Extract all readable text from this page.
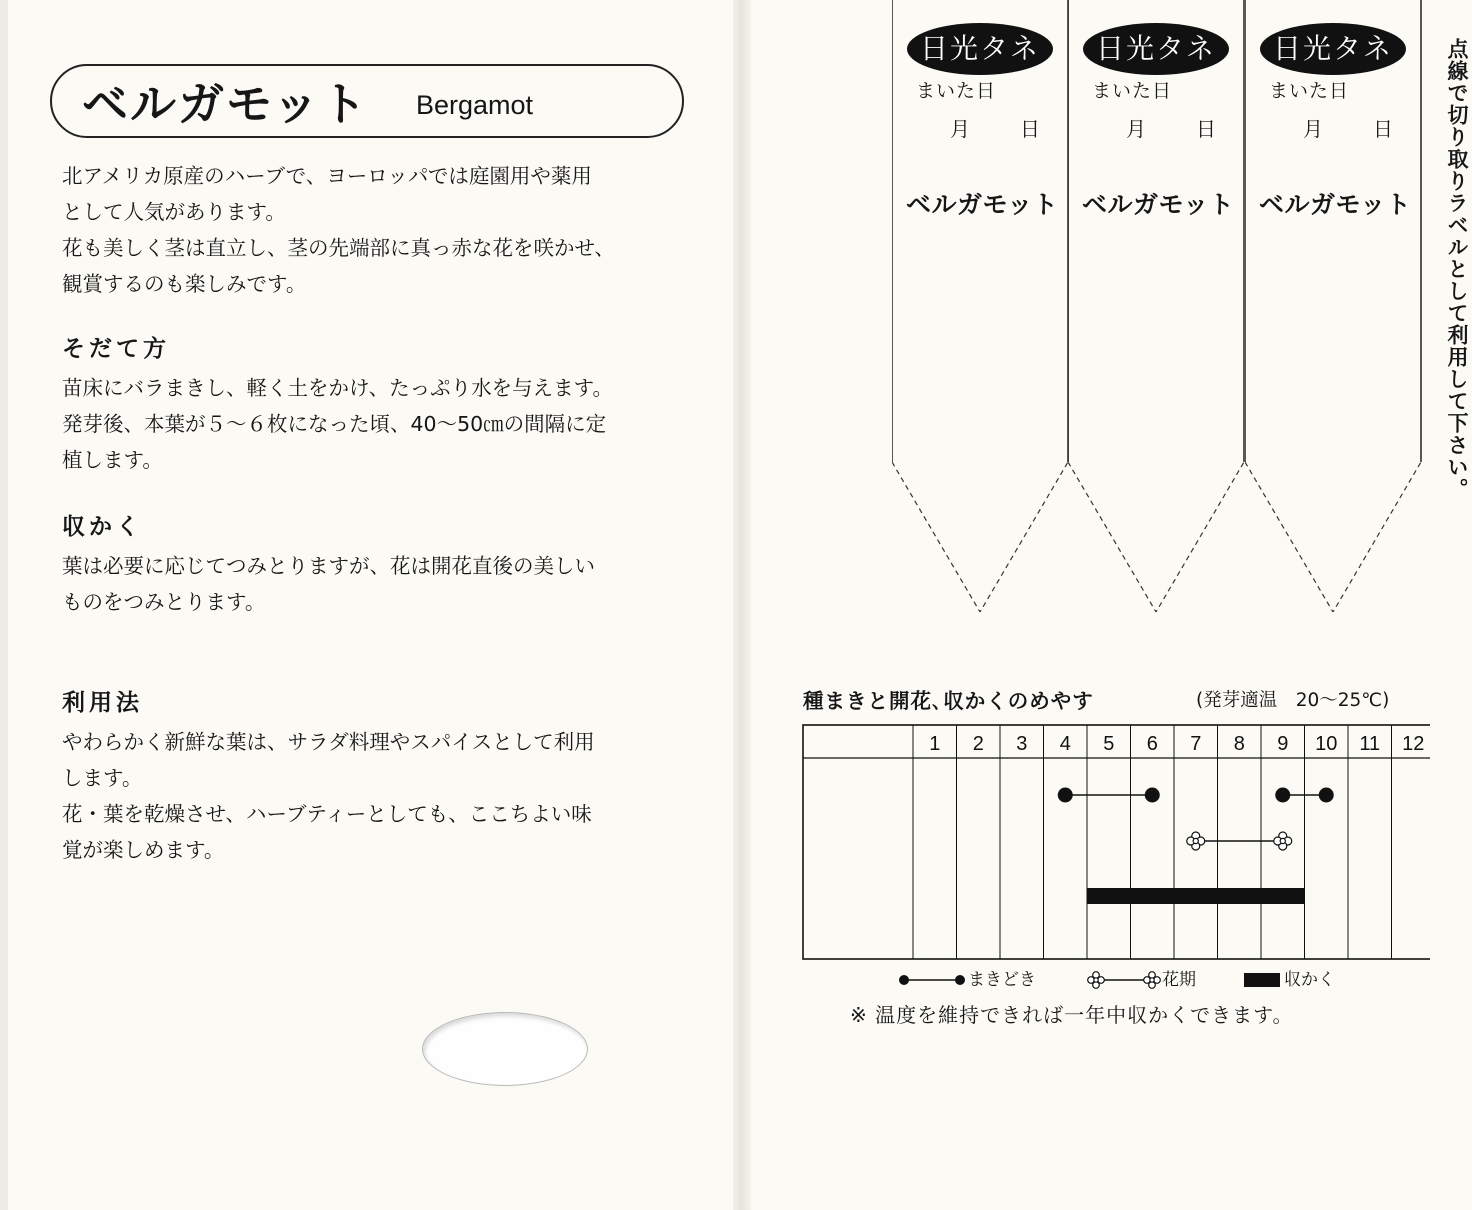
ベルガモット Bergamot

北アメリカ原産のハーブで、ヨーロッパでは庭園用や薬用

として人気があります。

花も美しく茎は直立し、茎の先端部に真っ赤な花を咲かせ、

観賞するのも楽しみです。

そだて方

苗床にバラまきし、軽く土をかけ、たっぷり水を与えます。

発芽後、本葉が５～６枚になった頃、40～50㎝の間隔に定

植します。

収かく

葉は必要に応じてつみとりますが、花は開花直後の美しい

ものをつみとります。

利用法

やわらかく新鮮な葉は、サラダ料理やスパイスとして利用

します。

花・葉を乾燥させ、ハーブティーとしても、ここちよい味

覚が楽しめます。

日光タネ
まいた日
月	日
ベルガモット
日光タネ
まいた日
月	日
ベルガモット
日光タネ
まいた日
月	日
ベルガモット 点線で切り取りラベルとして利用して下さい。
種まきと開花､収かくのめやす	(発芽適温　20～25℃)
1 2 3 4 5 6 7 8 9 10 11 12
まきどき	花期	収かく
※ 温度を維持できれば一年中収かくできます。
